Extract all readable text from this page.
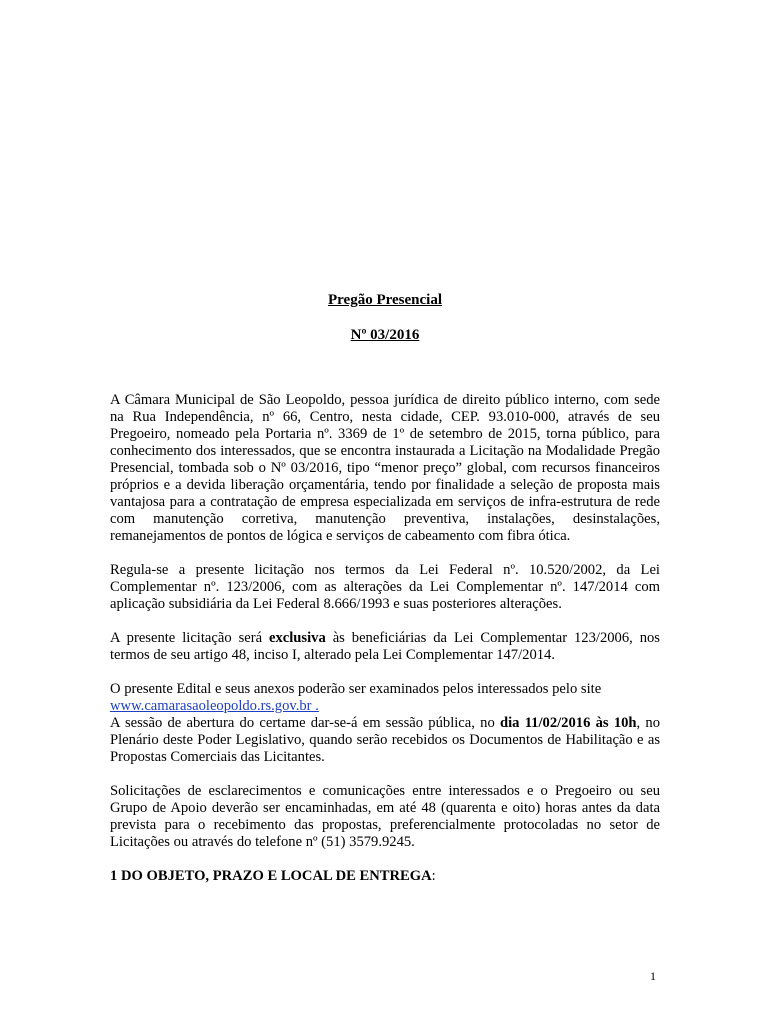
Pregão Presencial
Nº 03/2016

A Câmara Municipal de São Leopoldo, pessoa jurídica de direito público interno, com sede na Rua Independência, nº 66, Centro, nesta cidade, CEP. 93.010-000, através de seu Pregoeiro, nomeado pela Portaria nº. 3369 de 1º de setembro de 2015, torna público, para conhecimento dos interessados, que se encontra instaurada a Licitação na Modalidade Pregão Presencial, tombada sob o Nº 03/2016, tipo “menor preço” global, com recursos financeiros próprios e a devida liberação orçamentária, tendo por finalidade a seleção de proposta mais vantajosa para a contratação de empresa especializada em serviços de infra-estrutura de rede com manutenção corretiva, manutenção preventiva, instalações, desinstalações, remanejamentos de pontos de lógica e serviços de cabeamento com fibra ótica.

Regula-se a presente licitação nos termos da Lei Federal nº. 10.520/2002, da Lei Complementar nº. 123/2006, com as alterações da Lei Complementar nº. 147/2014 com aplicação subsidiária da Lei Federal 8.666/1993 e suas posteriores alterações.

A presente licitação será exclusiva às beneficiárias da Lei Complementar 123/2006, nos termos de seu artigo 48, inciso I, alterado pela Lei Complementar 147/2014.

O presente Edital e seus anexos poderão ser examinados pelos interessados pelo site
www.camarasaoleopoldo.rs.gov.br .

A sessão de abertura do certame dar-se-á em sessão pública, no dia 11/02/2016 às 10h, no Plenário deste Poder Legislativo, quando serão recebidos os Documentos de Habilitação e as Propostas Comerciais das Licitantes.

Solicitações de esclarecimentos e comunicações entre interessados e o Pregoeiro ou seu Grupo de Apoio deverão ser encaminhadas, em até 48 (quarenta e oito) horas antes da data prevista para o recebimento das propostas, preferencialmente protocoladas no setor de Licitações ou através do telefone nº (51) 3579.9245.

1 DO OBJETO, PRAZO E LOCAL DE ENTREGA:

1
